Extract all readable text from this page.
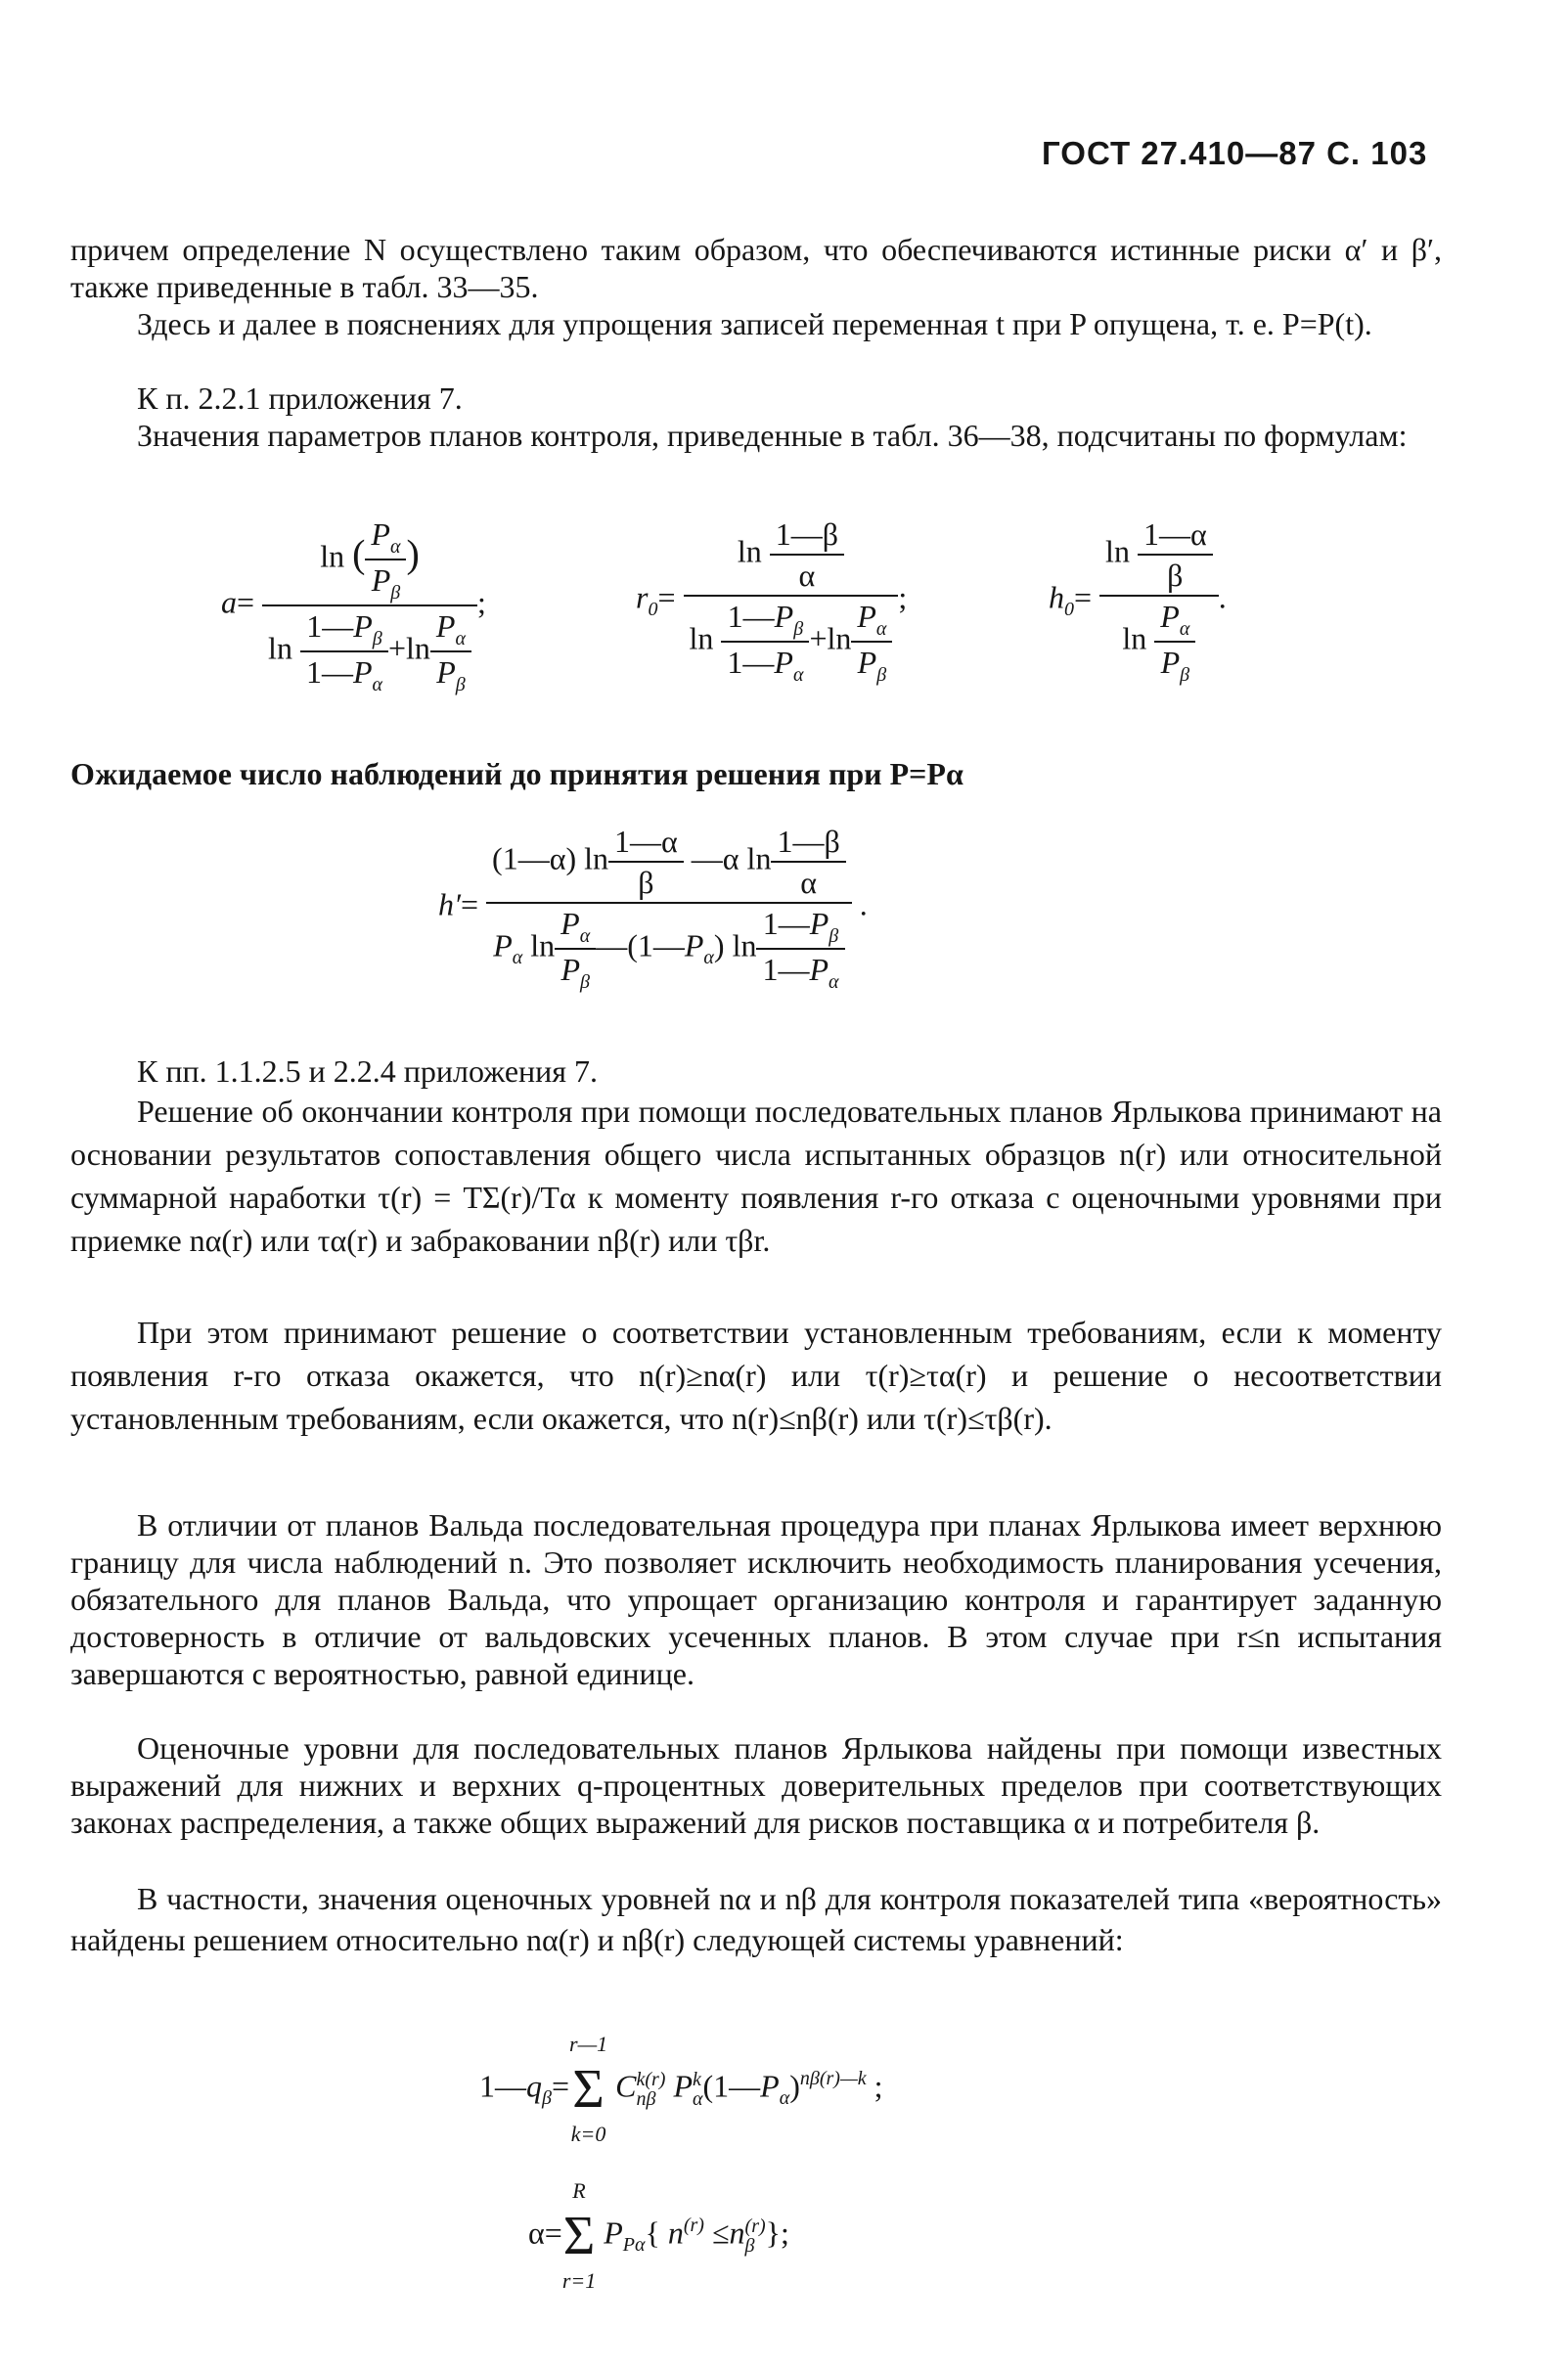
ГОСТ 27.410—87 С. 103
причем определение N осуществлено таким образом, что обеспечиваются истинные риски α′ и β′, также приведенные в табл. 33—35.
Здесь и далее в пояснениях для упрощения записей переменная t при P опущена, т. е. P=P(t).
К п. 2.2.1 приложения 7.
Значения параметров планов контроля, приведенные в табл. 36—38, подсчитаны по формулам:
$a= \frac{\ln ( \frac{P_\alpha}{P_\beta} )}{\ln \frac{1—P_\beta}{1—P_\alpha} +\ln \frac{P_\alpha}{P_\beta}}$ ;	$r_0= \frac{\ln \frac{1—\beta}{\alpha}}{\ln \frac{1—P_\beta}{1—P_\alpha} +\ln \frac{P_\alpha}{P_\beta}}$ ;	$h_0= \frac{\ln \frac{1—\alpha}{\beta}}{\ln \frac{P_\alpha}{P_\beta}}$ .
Ожидаемое число наблюдений до принятия решения при P=Pα
$h'= \frac{(1—\alpha) \ln \frac{1—\alpha}{\beta} —\alpha \ln \frac{1—\beta}{\alpha}}{P_\alpha \ln \frac{P_\alpha}{P_\beta} —(1—P_\alpha) \ln \frac{1—P_\beta}{1—P_\alpha}}$ .
К пп. 1.1.2.5 и 2.2.4 приложения 7.
Решение об окончании контроля при помощи последовательных планов Ярлыкова принимают на основании результатов сопоставления общего числа испытанных образцов n(r) или относительной суммарной наработки τ(r) = TΣ(r)/Tα к моменту появления r-го отказа с оценочными уровнями при приемке nα(r) или τα(r) и забраковании nβ(r) или τβr.
При этом принимают решение о соответствии установленным требованиям, если к моменту появления r-го отказа окажется, что n(r)≥nα(r) или τ(r)≥τα(r) и решение о несоответствии установленным требованиям, если окажется, что n(r)≤nβ(r) или τ(r)≤τβ(r).
В отличии от планов Вальда последовательная процедура при планах Ярлыкова имеет верхнюю границу для числа наблюдений n. Это позволяет исключить необходимость планирования усечения, обязательного для планов Вальда, что упрощает организацию контроля и гарантирует заданную достоверность в отличие от вальдовских усеченных планов. В этом случае при r≤n испытания завершаются с вероятностью, равной единице.
Оценочные уровни для последовательных планов Ярлыкова найдены при помощи известных выражений для нижних и верхних q-процентных доверительных пределов при соответствующих законах распределения, а также общих выражений для рисков поставщика α и потребителя β.
В частности, значения оценочных уровней nα и nβ для контроля показателей типа «вероятность» найдены решением относительно nα(r) и nβ(r) следующей системы уравнений:
$1—q_\beta=$
r—1
Σ
k=0
C k(r)
nβ P k
α $(1—P_\alpha)^{n\beta(r)—k}$ ;
α=
R
Σ
r=1
$P_{P\alpha}${ $n^{(r)} \le n$ (r)
β };
